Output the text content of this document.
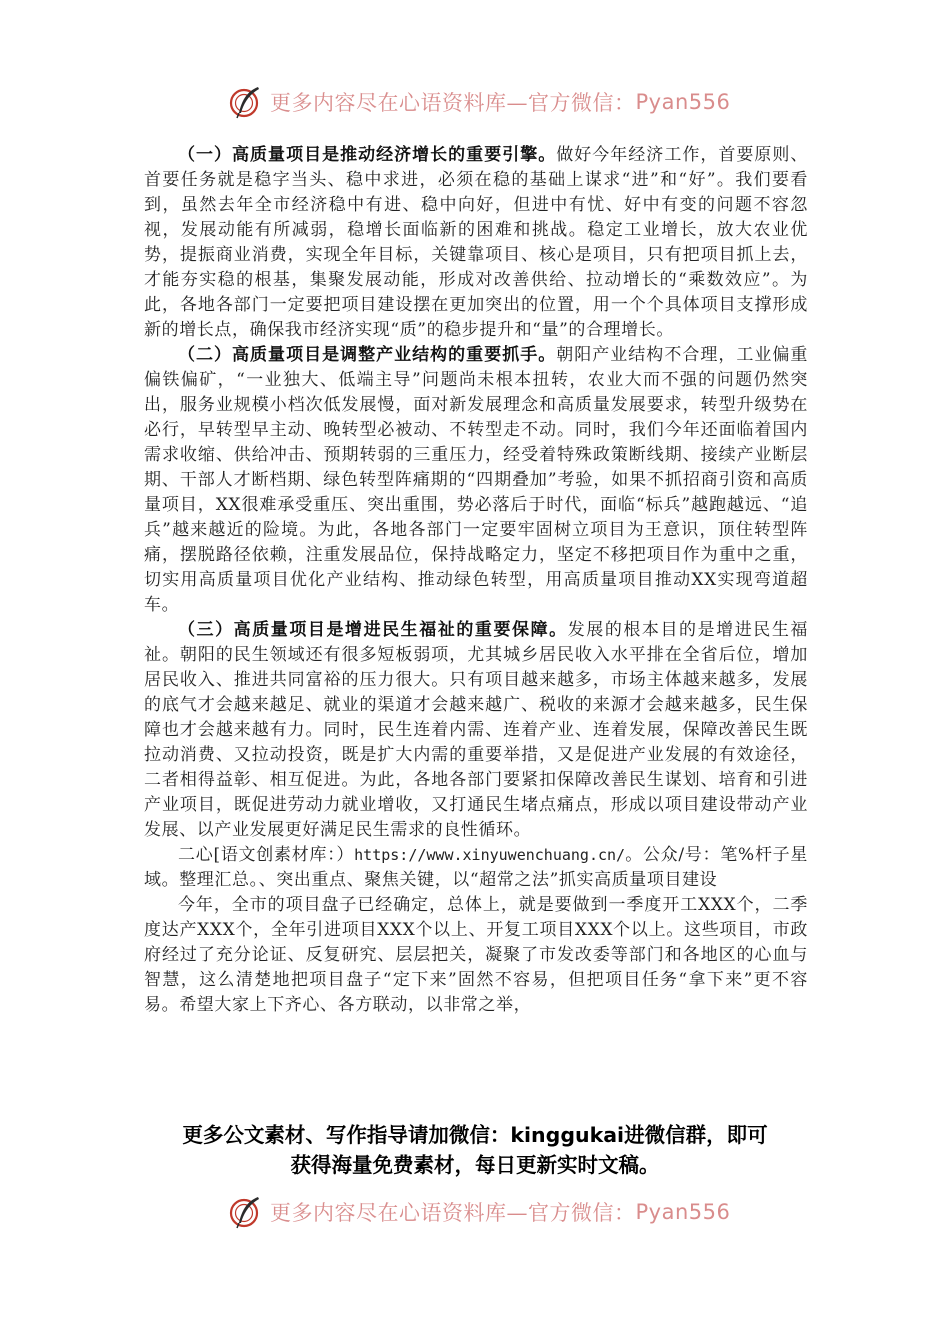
更多内容尽在心语资料库—官方微信： Pyan556

（一）高质量项目是推动经济增长的重要引擎。做好今年经济工作，首要原则、首要任务就是稳字当头、稳中求进，必须在稳的基础上谋求“进”和“好”。我们要看到，虽然去年全市经济稳中有进、稳中向好，但进中有忧、好中有变的问题不容忽视，发展动能有所减弱，稳增长面临新的困难和挑战。稳定工业增长，放大农业优势，提振商业消费，实现全年目标，关键靠项目、核心是项目，只有把项目抓上去，才能夯实稳的根基，集聚发展动能，形成对改善供给、拉动增长的“乘数效应”。为此，各地各部门一定要把项目建设摆在更加突出的位置，用一个个具体项目支撑形成新的增长点，确保我市经济实现“质”的稳步提升和“量”的合理增长。

（二）高质量项目是调整产业结构的重要抓手。朝阳产业结构不合理，工业偏重偏铁偏矿，“一业独大、低端主导”问题尚未根本扭转，农业大而不强的问题仍然突出，服务业规模小档次低发展慢，面对新发展理念和高质量发展要求，转型升级势在必行，早转型早主动、晚转型必被动、不转型走不动。同时，我们今年还面临着国内需求收缩、供给冲击、预期转弱的三重压力，经受着特殊政策断线期、接续产业断层期、干部人才断档期、绿色转型阵痛期的“四期叠加”考验，如果不抓招商引资和高质量项目，XX很难承受重压、突出重围，势必落后于时代，面临“标兵”越跑越远、“追兵”越来越近的险境。为此，各地各部门一定要牢固树立项目为王意识，顶住转型阵痛，摆脱路径依赖，注重发展品位，保持战略定力，坚定不移把项目作为重中之重，切实用高质量项目优化产业结构、推动绿色转型，用高质量项目推动XX实现弯道超车。

（三）高质量项目是增进民生福祉的重要保障。发展的根本目的是增进民生福祉。朝阳的民生领域还有很多短板弱项，尤其城乡居民收入水平排在全省后位，增加居民收入、推进共同富裕的压力很大。只有项目越来越多，市场主体越来越多，发展的底气才会越来越足、就业的渠道才会越来越广、税收的来源才会越来越多，民生保障也才会越来越有力。同时，民生连着内需、连着产业、连着发展，保障改善民生既拉动消费、又拉动投资，既是扩大内需的重要举措，又是促进产业发展的有效途径，二者相得益彰、相互促进。为此，各地各部门要紧扣保障改善民生谋划、培育和引进产业项目，既促进劳动力就业增收，又打通民生堵点痛点，形成以项目建设带动产业发展、以产业发展更好满足民生需求的良性循环。

二心[语文创素材库：）https://www.xinyuwenchuang.cn/。公众/号：笔%杆子星域。整理汇总。、突出重点、聚焦关键，以“超常之法”抓实高质量项目建设

今年，全市的项目盘子已经确定，总体上，就是要做到一季度开工XXX个，二季度达产XXX个，全年引进项目XXX个以上、开复工项目XXX个以上。这些项目，市政府经过了充分论证、反复研究、层层把关，凝聚了市发改委等部门和各地区的心血与智慧，这么清楚地把项目盘子“定下来”固然不容易，但把项目任务“拿下来”更不容易。希望大家上下齐心、各方联动，以非常之举，

更多公文素材、写作指导请加微信：kinggukai进微信群，即可
获得海量免费素材，每日更新实时文稿。
更多内容尽在心语资料库—官方微信： Pyan556
